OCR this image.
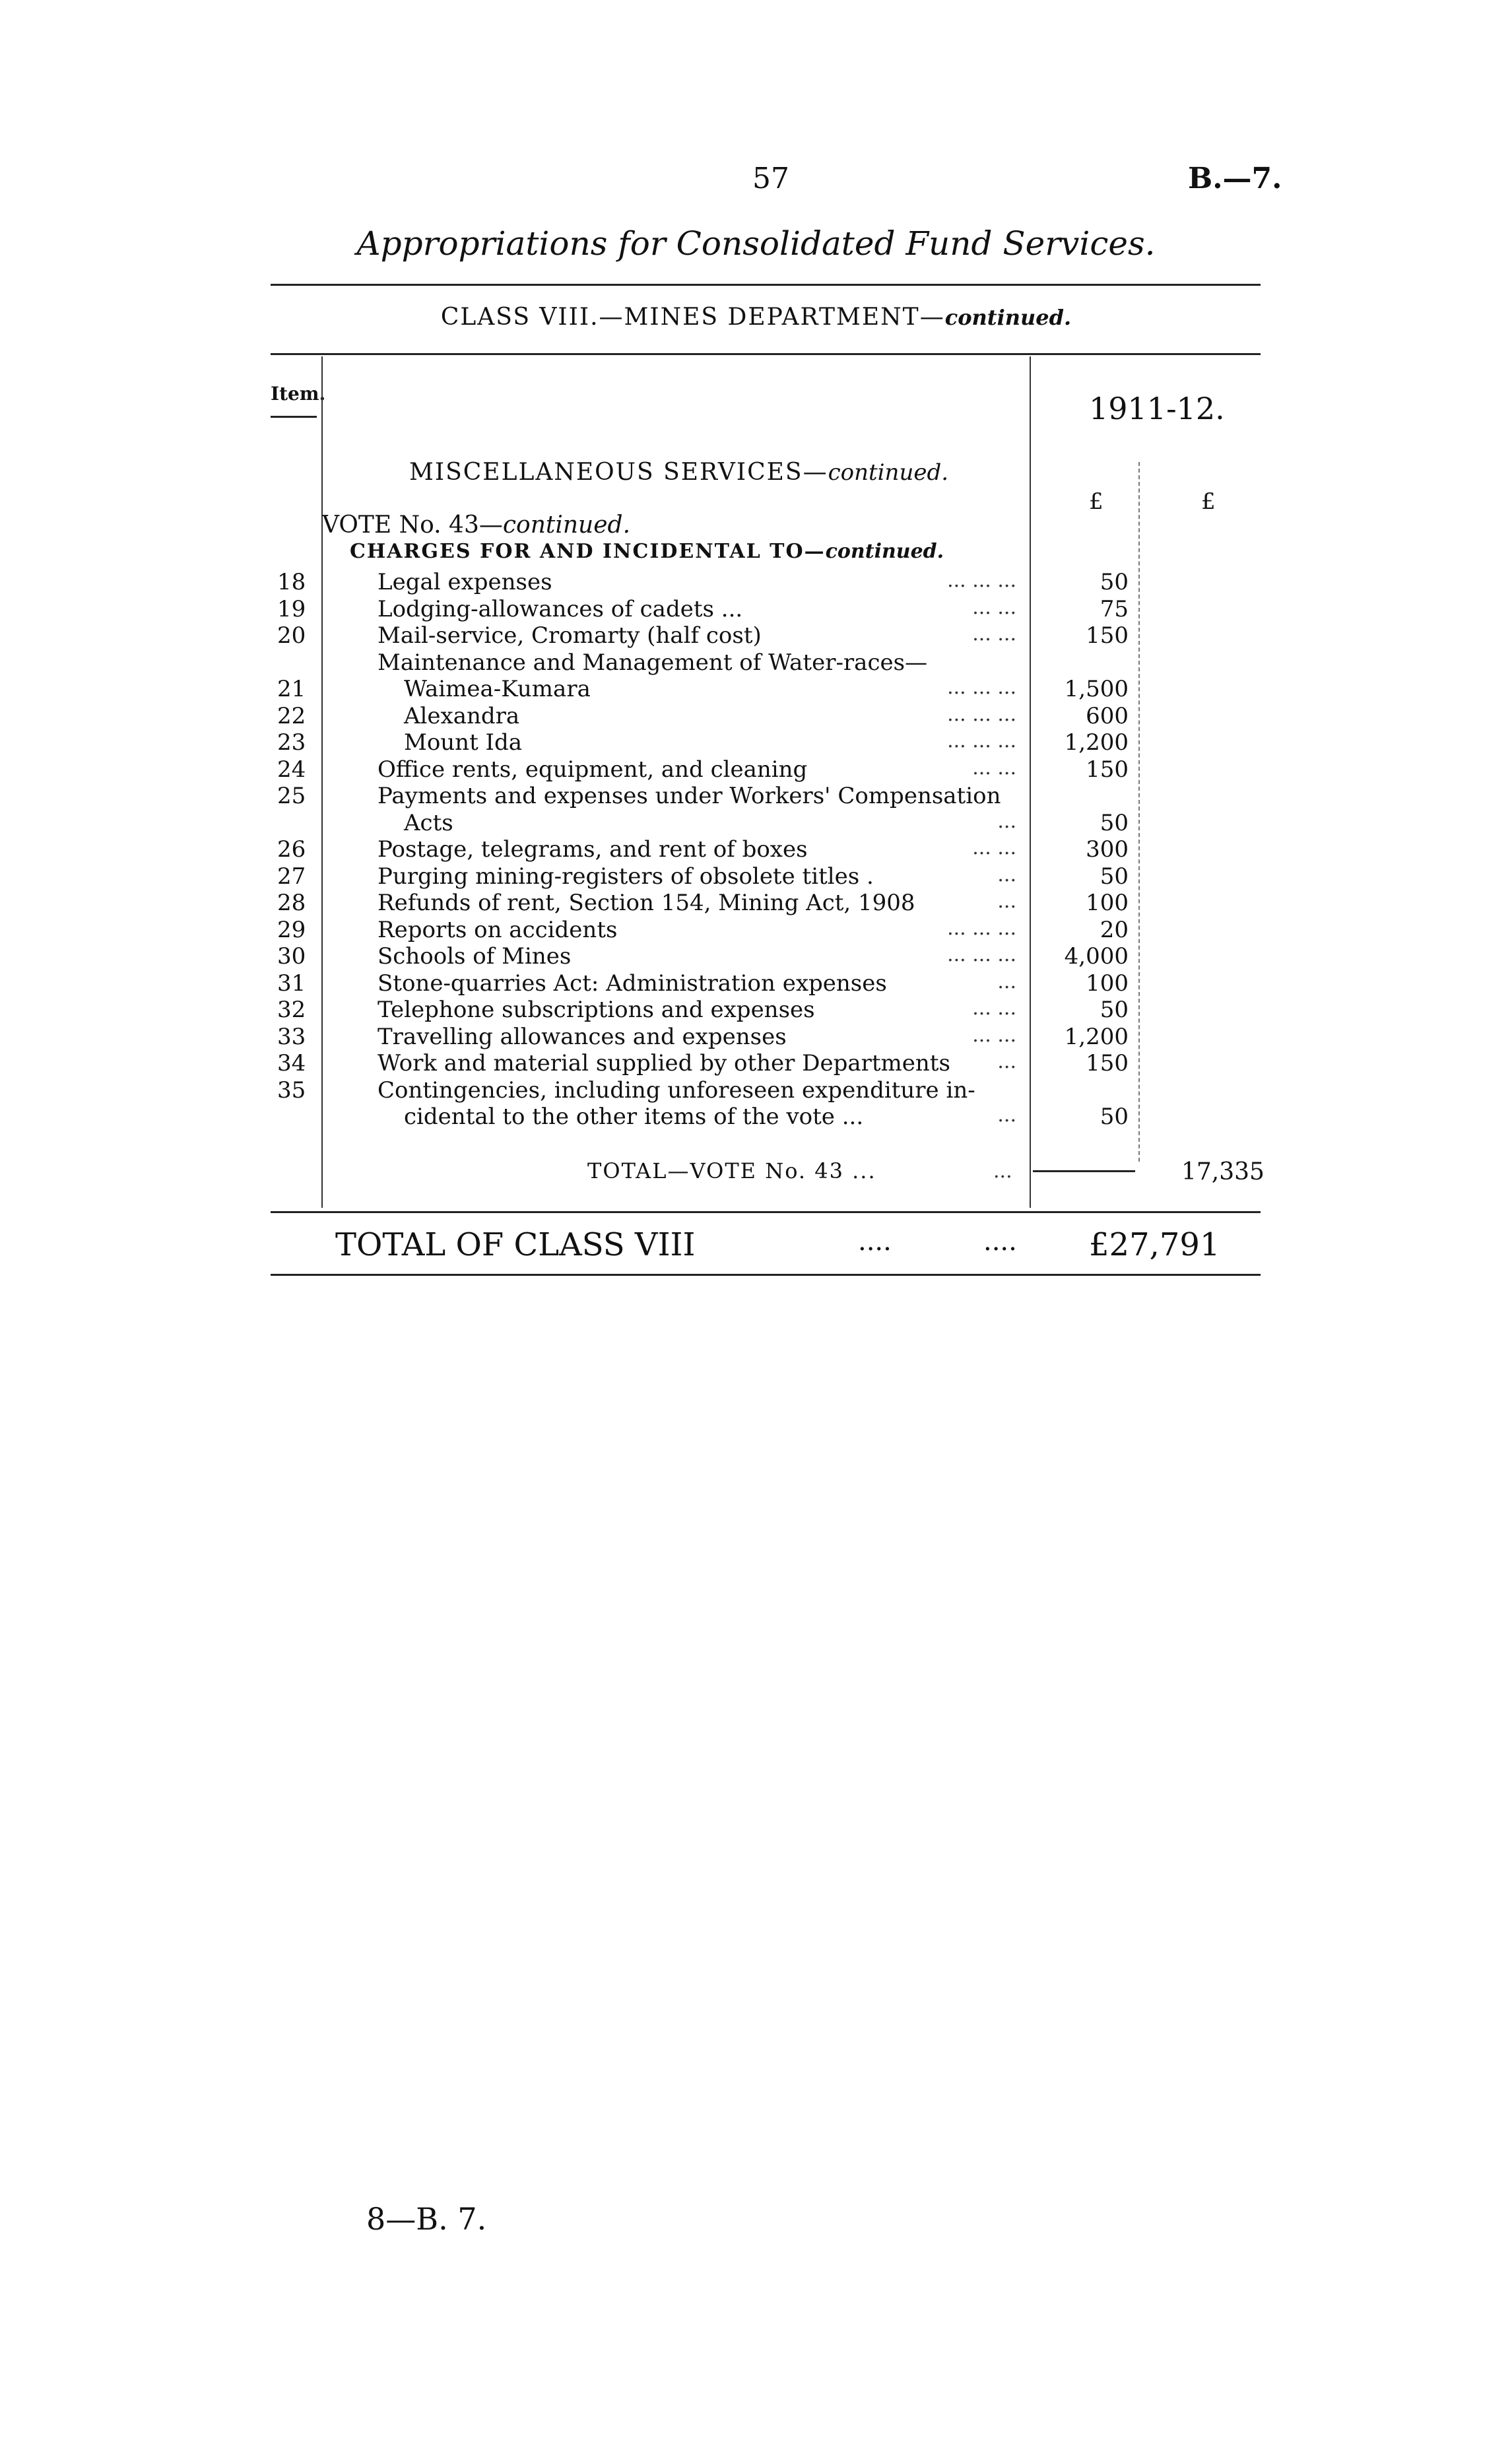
57	B.—7.
Appropriations for Consolidated Fund Services.
CLASS VIII.—MINES DEPARTMENT—continued.
Item.	1911-12.
£	£
MISCELLANEOUS SERVICES—continued.
VOTE No. 43—continued.
CHARGES FOR AND INCIDENTAL TO—continued.
18	Legal expenses	... ... ...	50
19	Lodging-allowances of cadets ...	... ...	75
20	Mail-service, Cromarty (half cost)	... ...	150
Maintenance and Management of Water-races—
21	Waimea-Kumara	... ... ...	1,500
22	Alexandra	... ... ...	600
23	Mount Ida	... ... ...	1,200
24	Office rents, equipment, and cleaning	... ...	150
25	Payments and expenses under Workers' Compensation
Acts	...	50
26	Postage, telegrams, and rent of boxes	... ...	300
27	Purging mining-registers of obsolete titles .	...	50
28	Refunds of rent, Section 154, Mining Act, 1908	...	100
29	Reports on accidents	... ... ...	20
30	Schools of Mines	... ... ...	4,000
31	Stone-quarries Act: Administration expenses	...	100
32	Telephone subscriptions and expenses	... ...	50
33	Travelling allowances and expenses	... ...	1,200
34	Work and material supplied by other Departments	...	150
35	Contingencies, including unforeseen expenditure in-
cidental to the other items of the vote ...	...	50
TOTAL—VOTE No. 43 ...	...	17,335
TOTAL OF CLASS VIII	....	.... £27,791
8—B. 7.
